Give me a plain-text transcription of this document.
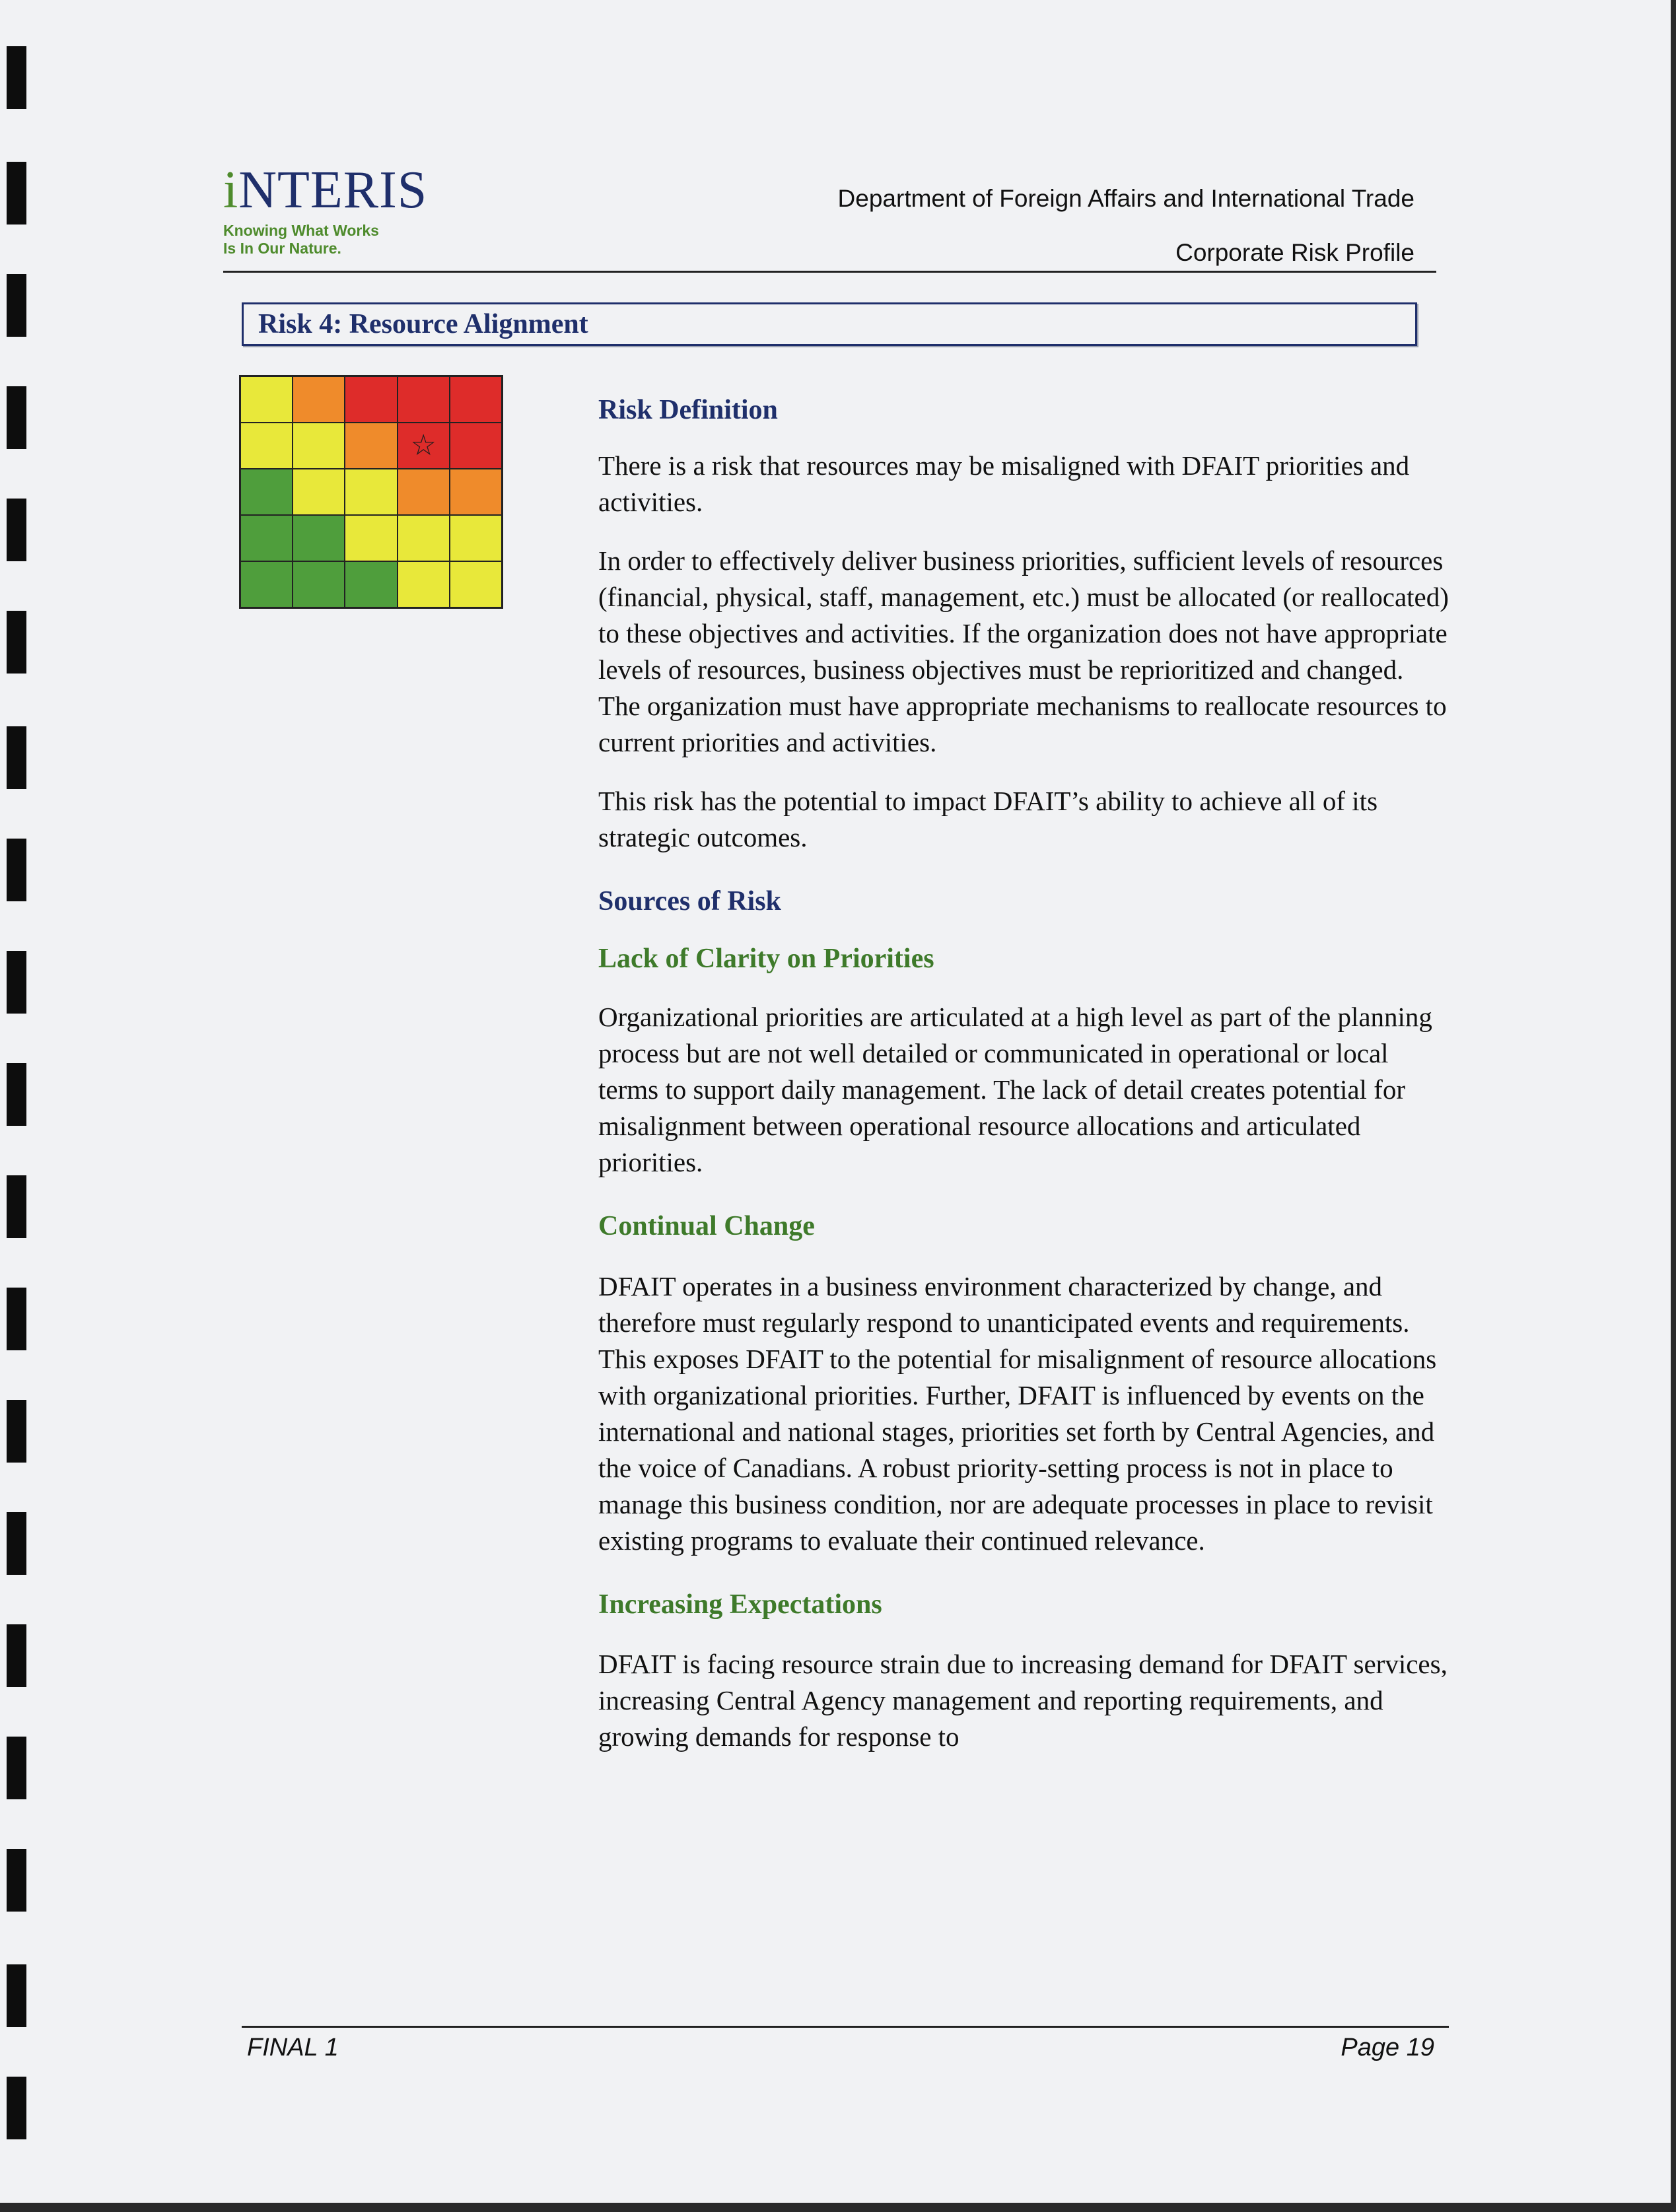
iNTERIS
Knowing What Works
Is In Our Nature.
Department of Foreign Affairs and International Trade
Corporate Risk Profile
Risk 4: Resource Alignment
☆
Risk Definition

There is a risk that resources may be misaligned with DFAIT priorities and activities.

In order to effectively deliver business priorities, sufficient levels of resources (financial, physical, staff, management, etc.) must be allocated (or reallocated) to these objectives and activities. If the organization does not have appropriate levels of resources, business objectives must be reprioritized and changed. The organization must have appropriate mechanisms to reallocate resources to current priorities and activities.

This risk has the potential to impact DFAIT’s ability to achieve all of its strategic outcomes.

Sources of Risk
Lack of Clarity on Priorities

Organizational priorities are articulated at a high level as part of the planning process but are not well detailed or communicated in operational or local terms to support daily management. The lack of detail creates potential for misalignment between operational resource allocations and articulated priorities.

Continual Change

DFAIT operates in a business environment characterized by change, and therefore must regularly respond to unanticipated events and requirements. This exposes DFAIT to the potential for misalignment of resource allocations with organizational priorities. Further, DFAIT is influenced by events on the international and national stages, priorities set forth by Central Agencies, and the voice of Canadians. A robust priority-setting process is not in place to manage this business condition, nor are adequate processes in place to revisit existing programs to evaluate their continued relevance.

Increasing Expectations

DFAIT is facing resource strain due to increasing demand for DFAIT services, increasing Central Agency management and reporting requirements, and growing demands for response to

FINAL 1	Page 19
